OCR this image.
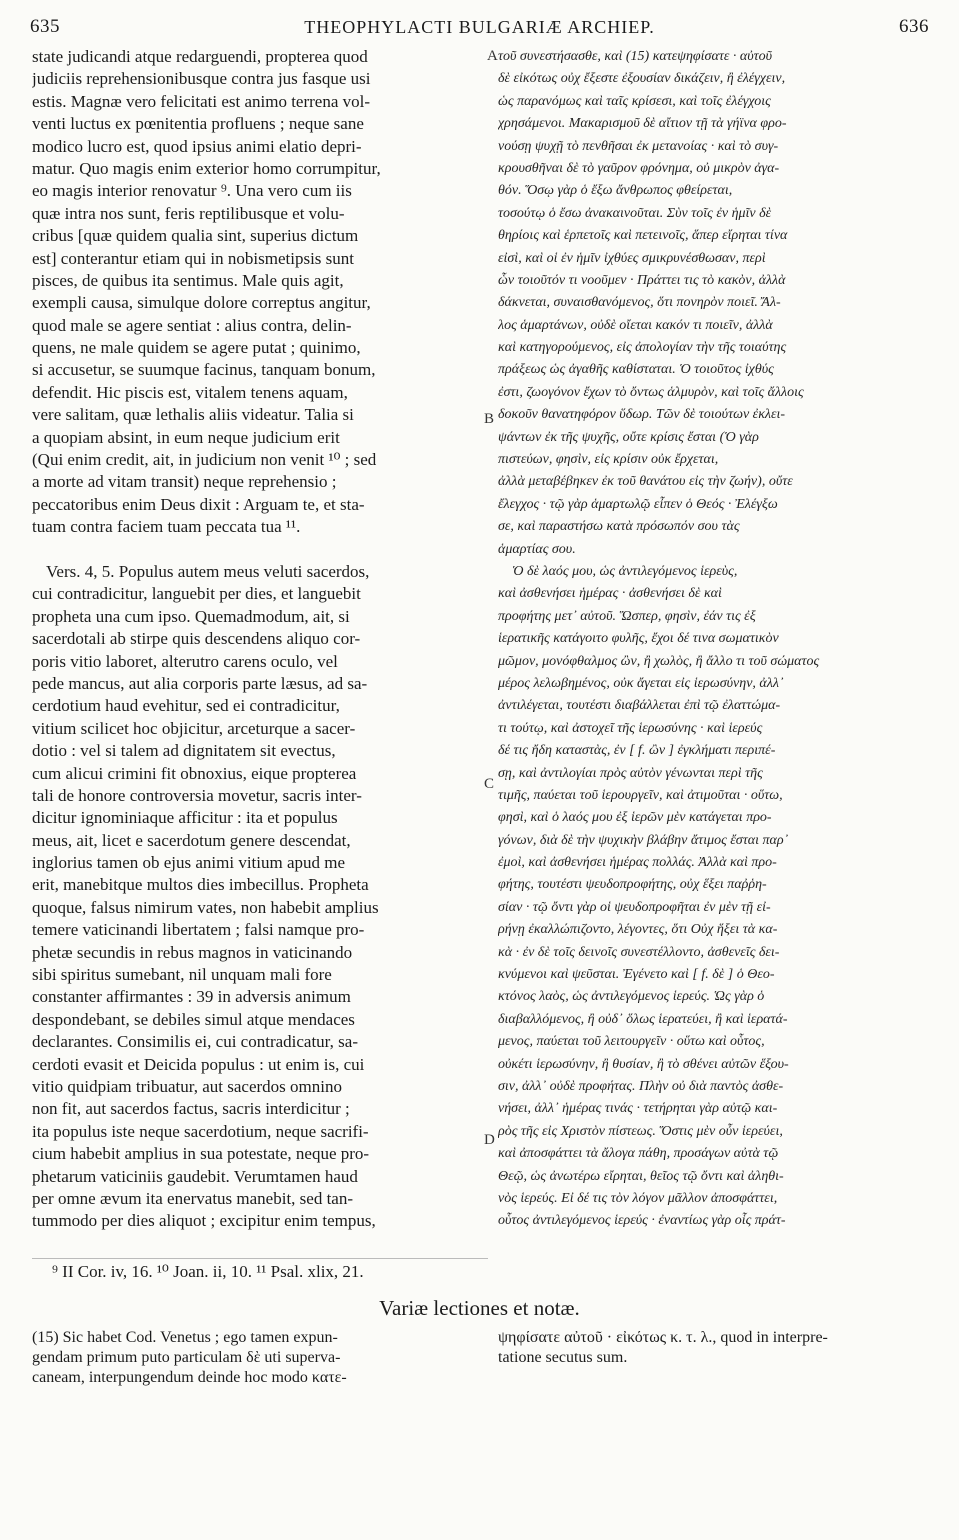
635	THEOPHYLACTI BULGARIÆ ARCHIEP.	636
state judicandi atque redarguendi, propterea quod
judiciis reprehensionibusque contra jus fasque usi
estis. Magnæ vero felicitati est animo terrena vol-
venti luctus ex pœnitentia profluens ; neque sane
modico lucro est, quod ipsius animi elatio depri-
matur. Quo magis enim exterior homo corrumpitur,
eo magis interior renovatur ⁹. Una vero cum iis
quæ intra nos sunt, feris reptilibusque et volu-
cribus [quæ quidem qualia sint, superius dictum
est] conterantur etiam qui in nobismetipsis sunt
pisces, de quibus ita sentimus. Male quis agit,
exempli causa, simulque dolore correptus angitur,
quod male se agere sentiat : alius contra, delin-
quens, ne male quidem se agere putat ; quinimo,
si accusetur, se suumque facinus, tanquam bonum,
defendit. Hic piscis est, vitalem tenens aquam,
vere salitam, quæ lethalis aliis videatur. Talia si
a quopiam absint, in eum neque judicium erit
(Qui enim credit, ait, in judicium non venit ¹⁰ ; sed
a morte ad vitam transit) neque reprehensio ;
peccatoribus enim Deus dixit : Arguam te, et sta-
tuam contra faciem tuam peccata tua ¹¹.
Vers. 4, 5. Populus autem meus veluti sacerdos,
cui contradicitur, languebit per dies, et languebit
propheta una cum ipso. Quemadmodum, ait, si
sacerdotali ab stirpe quis descendens aliquo cor-
poris vitio laboret, alterutro carens oculo, vel
pede mancus, aut alia corporis parte læsus, ad sa-
cerdotium haud evehitur, sed ei contradicitur,
vitium scilicet hoc objicitur, arceturque a sacer-
dotio : vel si talem ad dignitatem sit evectus,
cum alicui crimini fit obnoxius, eique propterea
tali de honore controversia movetur, sacris inter-
dicitur ignominiaque afficitur : ita et populus
meus, ait, licet e sacerdotum genere descendat,
inglorius tamen ob ejus animi vitium apud me
erit, manebitque multos dies imbecillus. Propheta
quoque, falsus nimirum vates, non habebit amplius
temere vaticinandi libertatem ; falsi namque pro-
phetæ secundis in rebus magnos in vaticinando
sibi spiritus sumebant, nil unquam mali fore
constanter affirmantes : 39 in adversis animum
despondebant, se debiles simul atque mendaces
declarantes. Consimilis ei, cui contradicatur, sa-
cerdoti evasit et Deicida populus : ut enim is, cui
vitio quidpiam tribuatur, aut sacerdos omnino
non fit, aut sacerdos factus, sacris interdicitur ;
ita populus iste neque sacerdotium, neque sacrifi-
cium habebit amplius in sua potestate, neque pro-
phetarum vaticiniis gaudebit. Verumtamen haud
per omne ævum ita enervatus manebit, sed tan-
tummodo per dies aliquot ; excipitur enim tempus,
τοῦ συνεστήσασθε, καὶ (15) κατεψηφίσατε · αὐτοῦ
δὲ εἰκότως οὐχ ἔξεστε ἐξουσίαν δικάζειν, ἢ ἐλέγχειν,
ὡς παρανόμως καὶ ταῖς κρίσεσι, καὶ τοῖς ἐλέγχοις
χρησάμενοι. Μακαρισμοῦ δὲ αἴτιον τῇ τὰ γήϊνα φρο-
νούσῃ ψυχῇ τὸ πενθῆσαι ἐκ μετανοίας · καὶ τὸ συγ-
κρουσθῆναι δὲ τὸ γαῦρον φρόνημα, οὐ μικρὸν ἀγα-
θόν. Ὅσῳ γὰρ ὁ ἔξω ἄνθρωπος φθείρεται,
τοσούτῳ ὁ ἔσω ἀνακαινοῦται. Σὺν τοῖς ἐν ἡμῖν δὲ
θηρίοις καὶ ἑρπετοῖς καὶ πετεινοῖς, ἅπερ εἴρηται τίνα
εἰσὶ, καὶ οἱ ἐν ἡμῖν ἰχθύες σμικρυνέσθωσαν, περὶ
ὧν τοιοῦτόν τι νοοῦμεν · Πράττει τις τὸ κακὸν, ἀλλὰ
δάκνεται, συναισθανόμενος, ὅτι πονηρὸν ποιεῖ. Ἄλ-
λος ἁμαρτάνων, οὐδὲ οἴεται κακόν τι ποιεῖν, ἀλλὰ
καὶ κατηγορούμενος, εἰς ἀπολογίαν τὴν τῆς τοιαύτης
πράξεως ὡς ἀγαθῆς καθίσταται. Ὁ τοιοῦτος ἰχθύς
ἐστι, ζωογόνον ἔχων τὸ ὄντως ἁλμυρὸν, καὶ τοῖς ἄλλοις
δοκοῦν θανατηφόρον ὕδωρ. Τῶν δὲ τοιούτων ἐκλει-
ψάντων ἐκ τῆς ψυχῆς, οὔτε κρίσις ἔσται (Ὁ γὰρ
πιστεύων, φησὶν, εἰς κρίσιν οὐκ ἔρχεται,
ἀλλὰ μεταβέβηκεν ἐκ τοῦ θανάτου εἰς τὴν ζωήν), οὔτε
ἔλεγχος · τῷ γὰρ ἁμαρτωλῷ εἶπεν ὁ Θεός · Ἐλέγξω
σε, καὶ παραστήσω κατὰ πρόσωπόν σου τὰς
ἁμαρτίας σου.
Ὁ δὲ λαός μου, ὡς ἀντιλεγόμενος ἱερεὺς,
καὶ ἀσθενήσει ἡμέρας · ἀσθενήσει δὲ καὶ
προφήτης μετ᾽ αὐτοῦ. Ὥσπερ, φησὶν, ἐάν τις ἐξ
ἱερατικῆς κατάγοιτο φυλῆς, ἔχοι δέ τινα σωματικὸν
μῶμον, μονόφθαλμος ὢν, ἢ χωλὸς, ἢ ἄλλο τι τοῦ σώματος
μέρος λελωβημένος, οὐκ ἄγεται εἰς ἱερωσύνην, ἀλλ᾽
ἀντιλέγεται, τουτέστι διαβάλλεται ἐπὶ τῷ ἐλαττώμα-
τι τούτῳ, καὶ ἀστοχεῖ τῆς ἱερωσύνης · καὶ ἱερεύς
δέ τις ἤδη καταστὰς, ἐν [ f. ὢν ] ἐγκλήματι περιπέ-
σῃ, καὶ ἀντιλογίαι πρὸς αὐτὸν γένωνται περὶ τῆς
τιμῆς, παύεται τοῦ ἱερουργεῖν, καὶ ἀτιμοῦται · οὕτω,
φησὶ, καὶ ὁ λαός μου ἐξ ἱερῶν μὲν κατάγεται προ-
γόνων, διὰ δὲ τὴν ψυχικὴν βλάβην ἄτιμος ἔσται παρ᾽
ἐμοὶ, καὶ ἀσθενήσει ἡμέρας πολλάς. Ἀλλὰ καὶ προ-
φήτης, τουτέστι ψευδοπροφήτης, οὐχ ἕξει παῤῥη-
σίαν · τῷ ὄντι γὰρ οἱ ψευδοπροφῆται ἐν μὲν τῇ εἰ-
ρήνῃ ἐκαλλώπιζοντο, λέγοντες, ὅτι Οὐχ ἥξει τὰ κα-
κὰ · ἐν δὲ τοῖς δεινοῖς συνεστέλλοντο, ἀσθενεῖς δει-
κνύμενοι καὶ ψεῦσται. Ἐγένετο καὶ [ f. δὲ ] ὁ Θεο-
κτόνος λαὸς, ὡς ἀντιλεγόμενος ἱερεύς. Ὡς γὰρ ὁ
διαβαλλόμενος, ἢ οὐδ᾽ ὅλως ἱερατεύει, ἢ καὶ ἱερατά-
μενος, παύεται τοῦ λειτουργεῖν · οὕτω καὶ οὗτος,
οὐκέτι ἱερωσύνην, ἢ θυσίαν, ἢ τὸ σθένει αὐτῶν ἕξου-
σιν, ἀλλ᾽ οὐδὲ προφήτας. Πλὴν οὐ διὰ παντὸς ἀσθε-
νήσει, ἀλλ᾽ ἡμέρας τινάς · τετήρηται γὰρ αὐτῷ και-
ρὸς τῆς εἰς Χριστὸν πίστεως. Ὅστις μὲν οὖν ἱερεύει,
καὶ ἀποσφάττει τὰ ἄλογα πάθη, προσάγων αὐτὰ τῷ
Θεῷ, ὡς ἀνωτέρω εἴρηται, θεῖος τῷ ὄντι καὶ ἀληθι-
νὸς ἱερεύς. Εἰ δέ τις τὸν λόγον μᾶλλον ἀποσφάττει,
οὗτος ἀντιλεγόμενος ἱερεύς · ἐναντίως γὰρ οἷς πράτ-
A
B
C
D
⁹ II Cor. iv, 16. ¹⁰ Joan. ii, 10. ¹¹ Psal. xlix, 21.
Variæ lectiones et notæ.
(15) Sic habet Cod. Venetus ; ego tamen expun-
gendam primum puto particulam δὲ uti superva-
caneam, interpungendum deinde hoc modo κατε-
ψηφίσατε αὐτοῦ · εἰκότως κ. τ. λ., quod in interpre-
tatione secutus sum.
